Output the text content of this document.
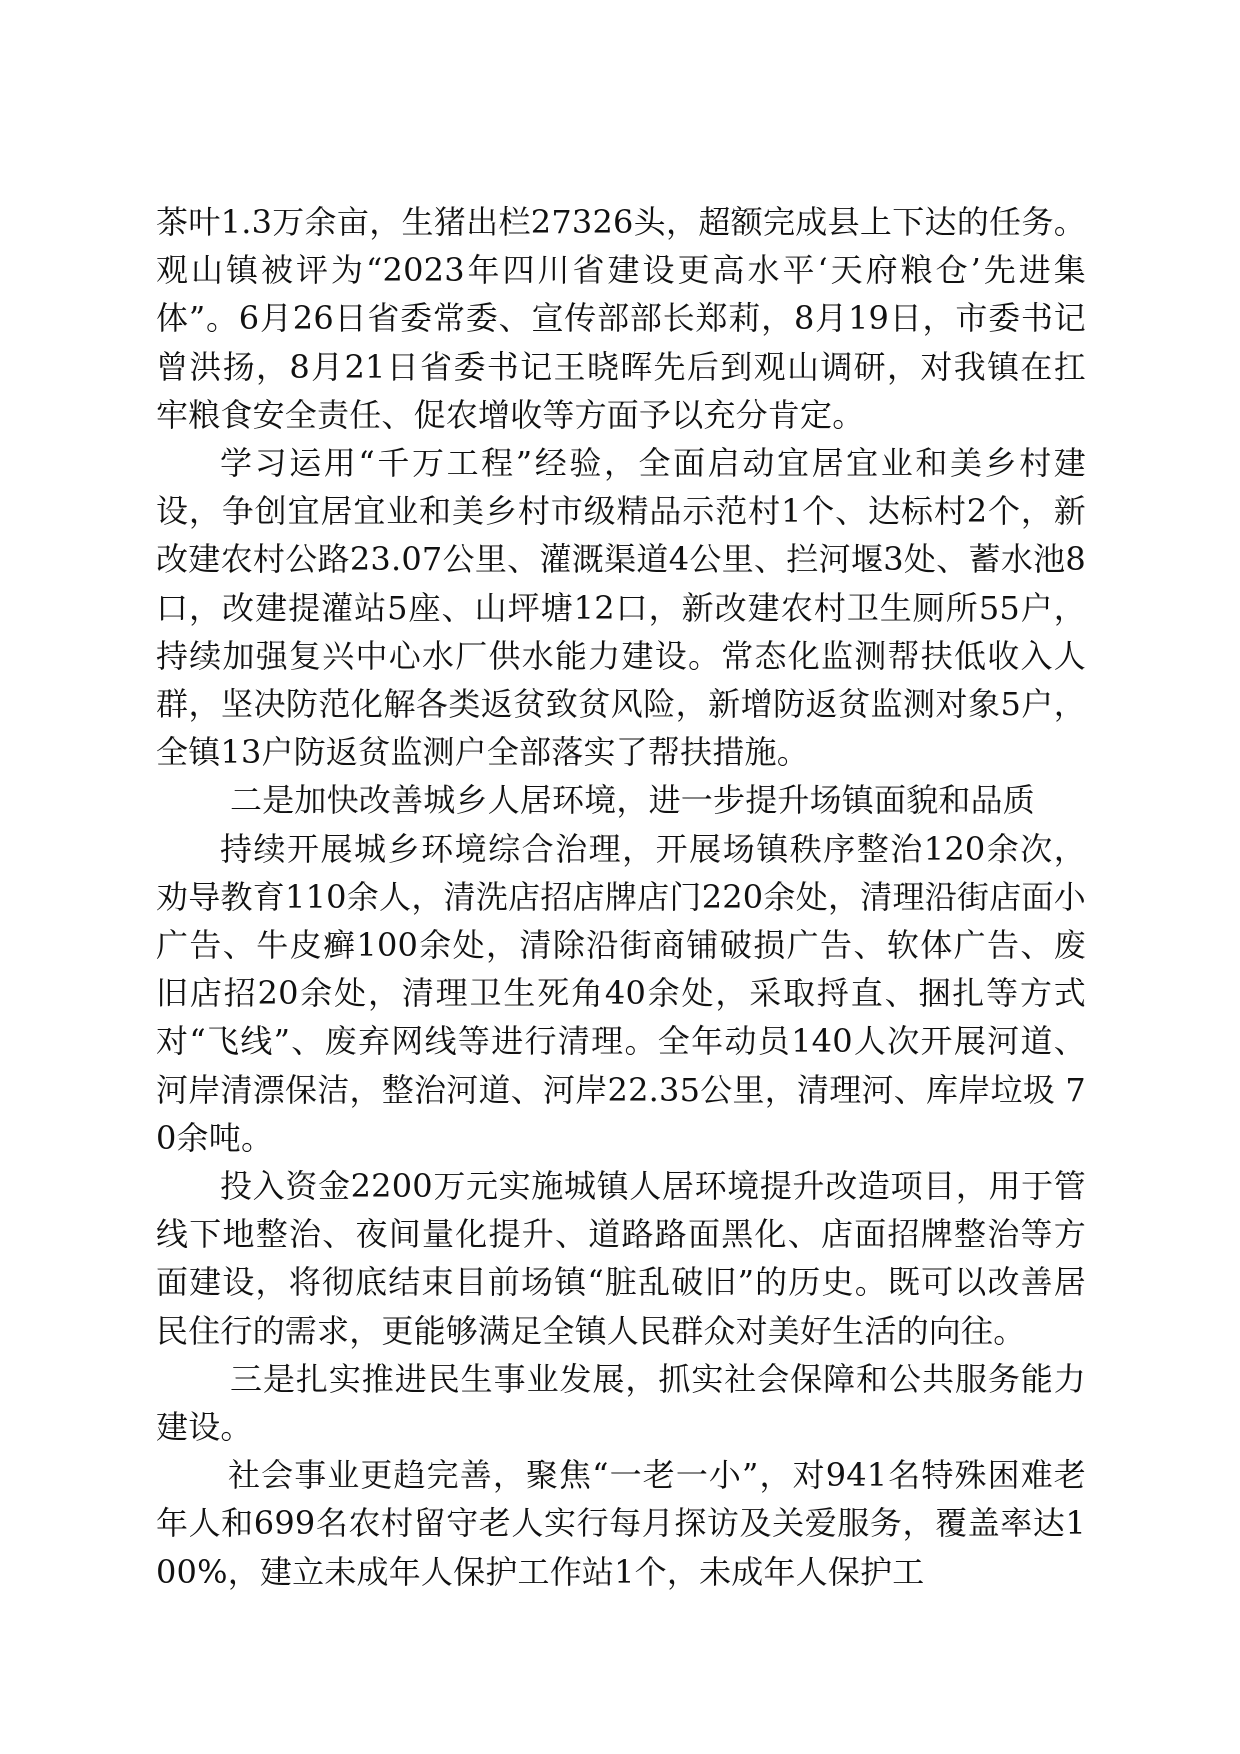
茶叶1.3万余亩，生猪出栏27326头，超额完成县上下达的任务。观山镇被评为“2023年四川省建设更高水平‘天府粮仓’先进集体”。6月26日省委常委、宣传部部长郑莉，8月19日，市委书记曾洪扬，8月21日省委书记王晓晖先后到观山调研，对我镇在扛牢粮食安全责任、促农增收等方面予以充分肯定。

学习运用“千万工程”经验，全面启动宜居宜业和美乡村建设，争创宜居宜业和美乡村市级精品示范村1个、达标村2个，新改建农村公路23.07公里、灌溉渠道4公里、拦河堰3处、蓄水池8口，改建提灌站5座、山坪塘12口，新改建农村卫生厕所55户，持续加强复兴中心水厂供水能力建设。常态化监测帮扶低收入人群，坚决防范化解各类返贫致贫风险，新增防返贫监测对象5户，全镇13户防返贫监测户全部落实了帮扶措施。

二是加快改善城乡人居环境，进一步提升场镇面貌和品质

持续开展城乡环境综合治理，开展场镇秩序整治120余次，劝导教育110余人，清洗店招店牌店门220余处，清理沿街店面小广告、牛皮癣100余处，清除沿街商铺破损广告、软体广告、废旧店招20余处，清理卫生死角40余处，采取捋直、捆扎等方式对“飞线”、废弃网线等进行清理。全年动员140人次开展河道、河岸清漂保洁，整治河道、河岸22.35公里，清理河、库岸垃圾 70余吨。

投入资金2200万元实施城镇人居环境提升改造项目，用于管线下地整治、夜间量化提升、道路路面黑化、店面招牌整治等方面建设，将彻底结束目前场镇“脏乱破旧”的历史。既可以改善居民住行的需求，更能够满足全镇人民群众对美好生活的向往。

三是扎实推进民生事业发展，抓实社会保障和公共服务能力建设。

社会事业更趋完善，聚焦“一老一小”，对941名特殊困难老年人和699名农村留守老人实行每月探访及关爱服务，覆盖率达100%，建立未成年人保护工作站1个，未成年人保护工
